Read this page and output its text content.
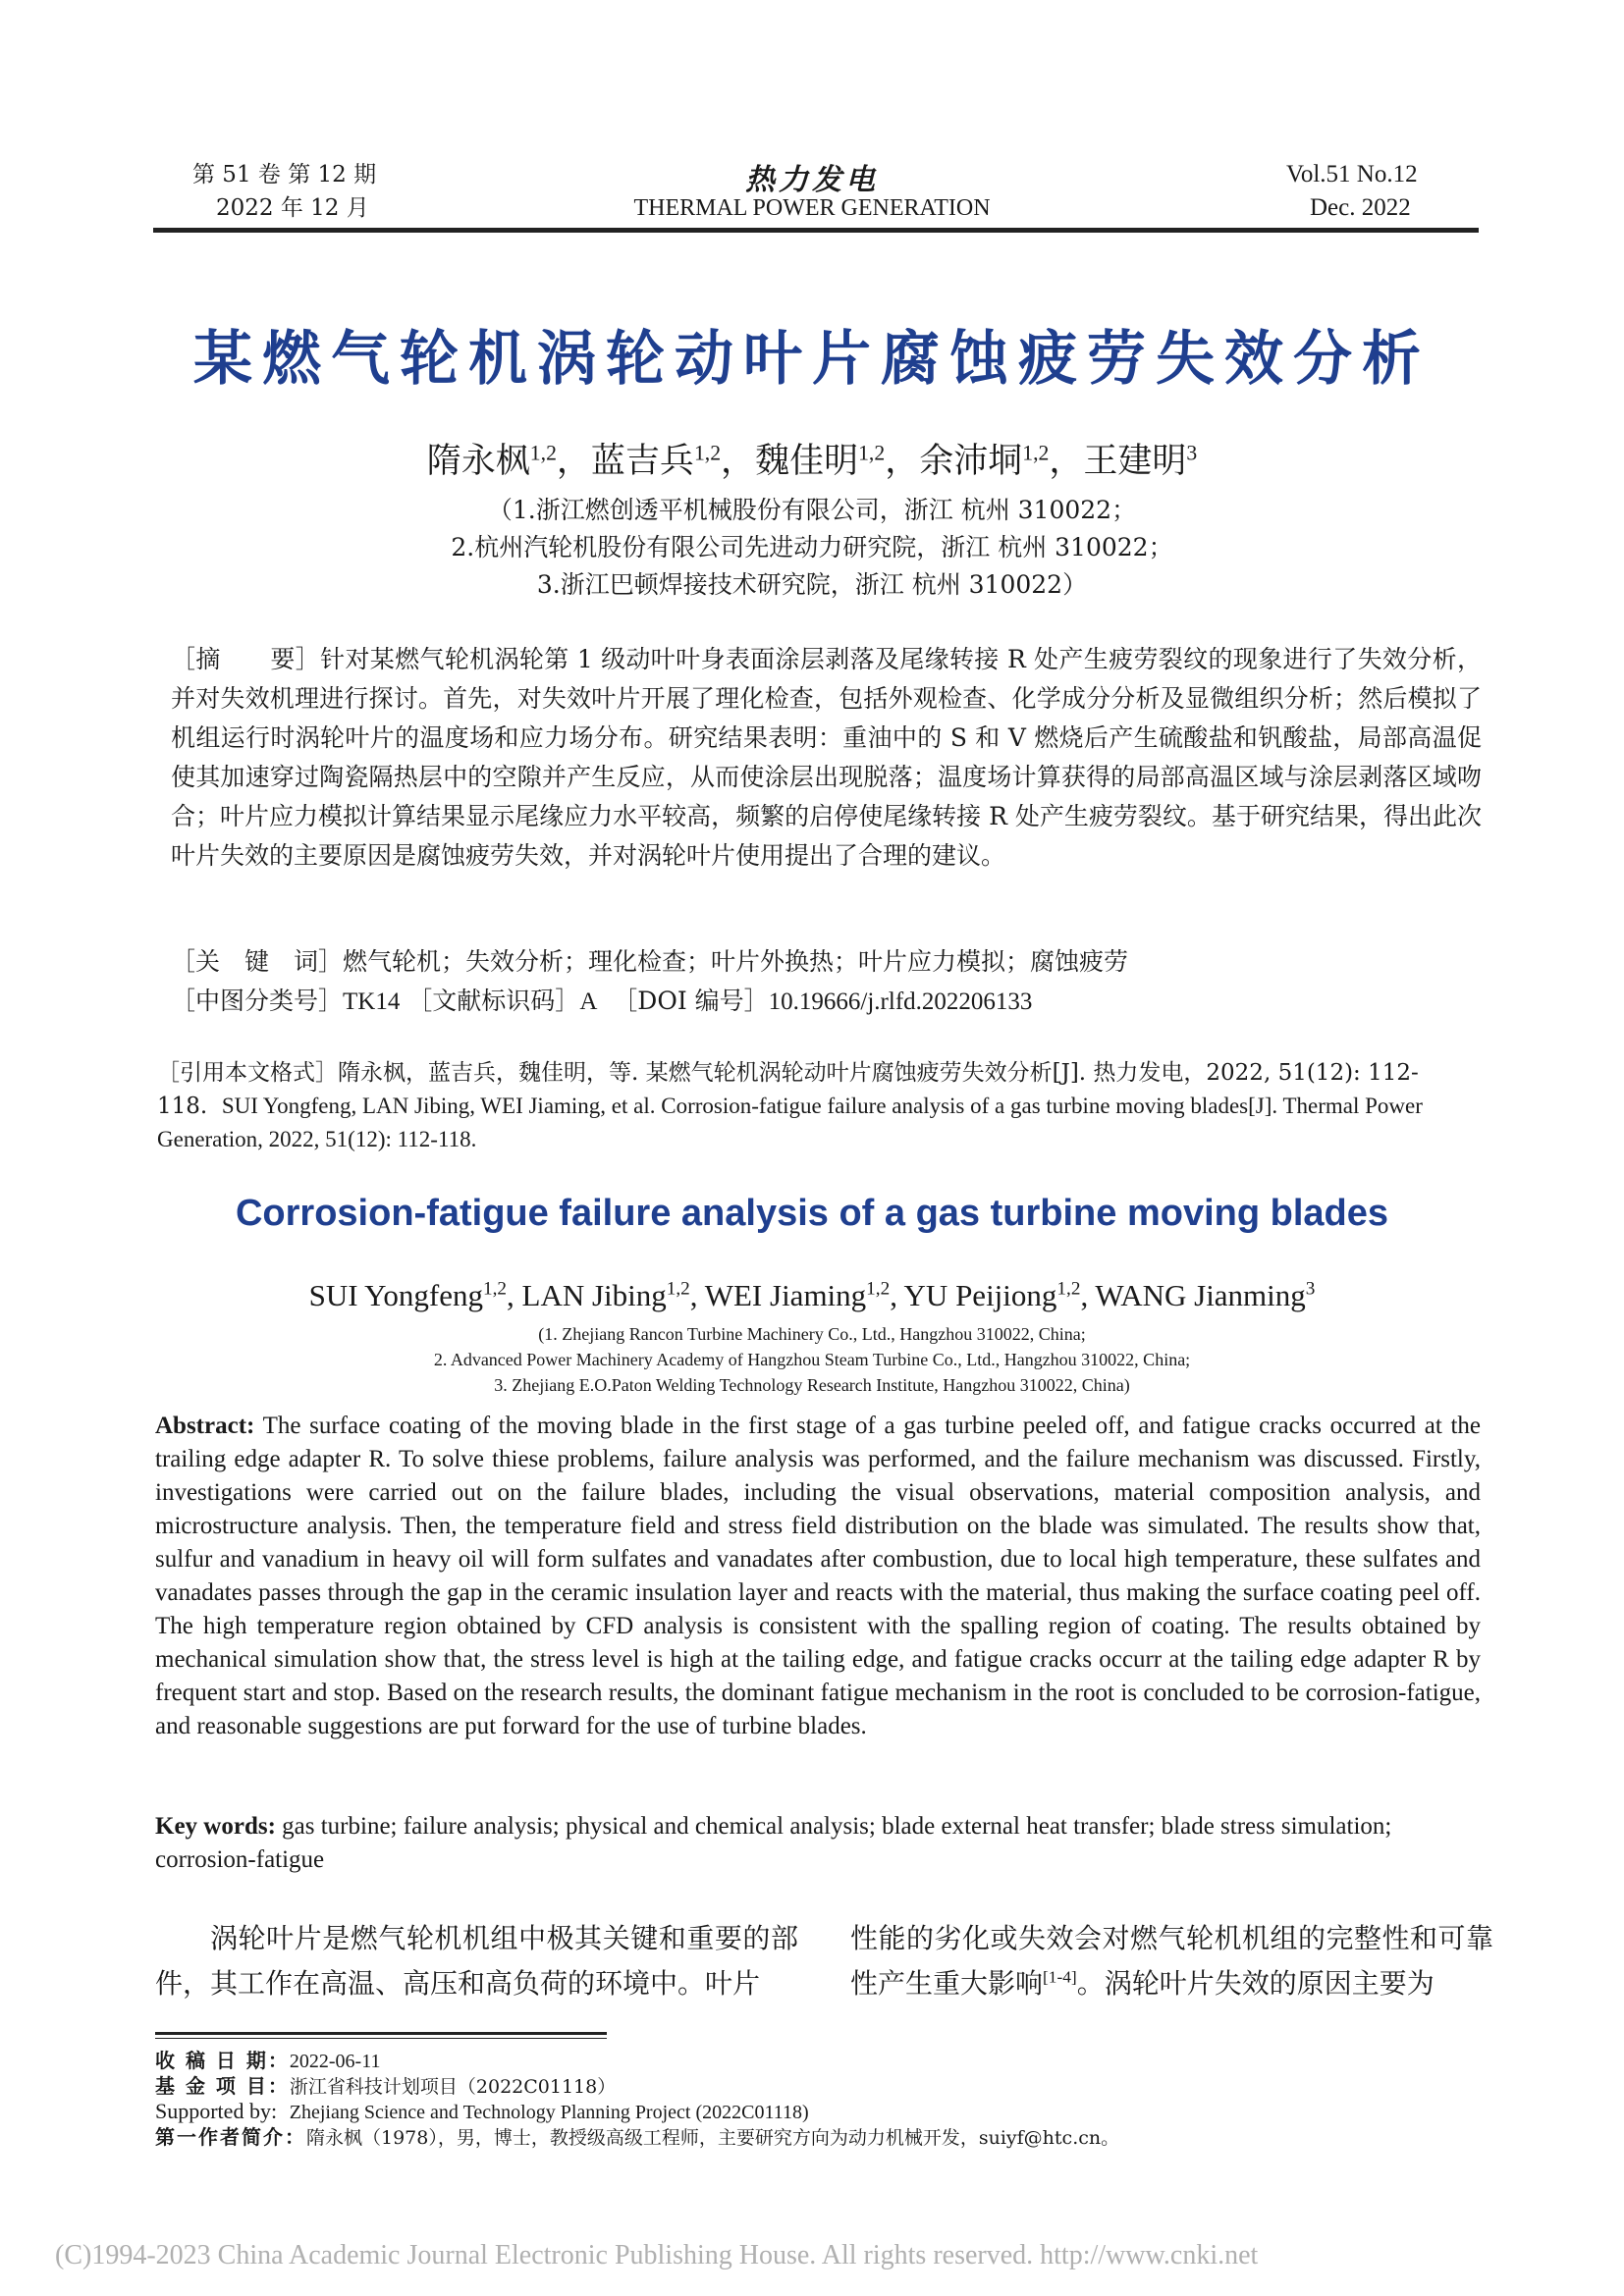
第 51 卷 第 12 期
2022 年 12 月
热力发电
THERMAL POWER GENERATION
Vol.51 No.12
Dec. 2022
某燃气轮机涡轮动叶片腐蚀疲劳失效分析
隋永枫$^{1,2}$，蓝吉兵$^{1,2}$，魏佳明$^{1,2}$，余沛垌$^{1,2}$，王建明$^3$
（1.浙江燃创透平机械股份有限公司，浙江 杭州 310022；
2.杭州汽轮机股份有限公司先进动力研究院，浙江 杭州 310022；
3.浙江巴顿焊接技术研究院，浙江 杭州 310022）
［摘　　要］针对某燃气轮机涡轮第 1 级动叶叶身表面涂层剥落及尾缘转接 R 处产生疲劳裂纹的现象进行了失效分析，并对失效机理进行探讨。首先，对失效叶片开展了理化检查，包括外观检查、化学成分分析及显微组织分析；然后模拟了机组运行时涡轮叶片的温度场和应力场分布。研究结果表明：重油中的 S 和 V 燃烧后产生硫酸盐和钒酸盐，局部高温促使其加速穿过陶瓷隔热层中的空隙并产生反应，从而使涂层出现脱落；温度场计算获得的局部高温区域与涂层剥落区域吻合；叶片应力模拟计算结果显示尾缘应力水平较高，频繁的启停使尾缘转接 R 处产生疲劳裂纹。基于研究结果，得出此次叶片失效的主要原因是腐蚀疲劳失效，并对涡轮叶片使用提出了合理的建议。
［关　键　词］燃气轮机；失效分析；理化检查；叶片外换热；叶片应力模拟；腐蚀疲劳
［中图分类号］TK14 ［文献标识码］A ［DOI 编号］10.19666/j.rlfd.202206133
［引用本文格式］隋永枫，蓝吉兵，魏佳明，等. 某燃气轮机涡轮动叶片腐蚀疲劳失效分析[J]. 热力发电，2022, 51(12): 112-118. SUI Yongfeng, LAN Jibing, WEI Jiaming, et al. Corrosion-fatigue failure analysis of a gas turbine moving blades[J]. Thermal Power Generation, 2022, 51(12): 112-118.
Corrosion-fatigue failure analysis of a gas turbine moving blades
SUI Yongfeng$^{1,2}$, LAN Jibing$^{1,2}$, WEI Jiaming$^{1,2}$, YU Peijiong$^{1,2}$, WANG Jianming$^3$
(1. Zhejiang Rancon Turbine Machinery Co., Ltd., Hangzhou 310022, China;
2. Advanced Power Machinery Academy of Hangzhou Steam Turbine Co., Ltd., Hangzhou 310022, China;
3. Zhejiang E.O.Paton Welding Technology Research Institute, Hangzhou 310022, China)
Abstract: The surface coating of the moving blade in the first stage of a gas turbine peeled off, and fatigue cracks occurred at the trailing edge adapter R. To solve thiese problems, failure analysis was performed, and the failure mechanism was discussed. Firstly, investigations were carried out on the failure blades, including the visual observations, material composition analysis, and microstructure analysis. Then, the temperature field and stress field distribution on the blade was simulated. The results show that, sulfur and vanadium in heavy oil will form sulfates and vanadates after combustion, due to local high temperature, these sulfates and vanadates passes through the gap in the ceramic insulation layer and reacts with the material, thus making the surface coating peel off. The high temperature region obtained by CFD analysis is consistent with the spalling region of coating. The results obtained by mechanical simulation show that, the stress level is high at the tailing edge, and fatigue cracks occurr at the tailing edge adapter R by frequent start and stop. Based on the research results, the dominant fatigue mechanism in the root is concluded to be corrosion-fatigue, and reasonable suggestions are put forward for the use of turbine blades.
Key words: gas turbine; failure analysis; physical and chemical analysis; blade external heat transfer; blade stress simulation; corrosion-fatigue
涡轮叶片是燃气轮机机组中极其关键和重要的部件，其工作在高温、高压和高负荷的环境中。叶片
性能的劣化或失效会对燃气轮机机组的完整性和可靠性产生重大影响[1-4]。涡轮叶片失效的原因主要为
收 稿 日 期：2022-06-11
基 金 项 目：浙江省科技计划项目（2022C01118）
Supported by: Zhejiang Science and Technology Planning Project (2022C01118)
第一作者简介：隋永枫（1978），男，博士，教授级高级工程师，主要研究方向为动力机械开发，suiyf@htc.cn。
(C)1994-2023 China Academic Journal Electronic Publishing House. All rights reserved. http://www.cnki.net
